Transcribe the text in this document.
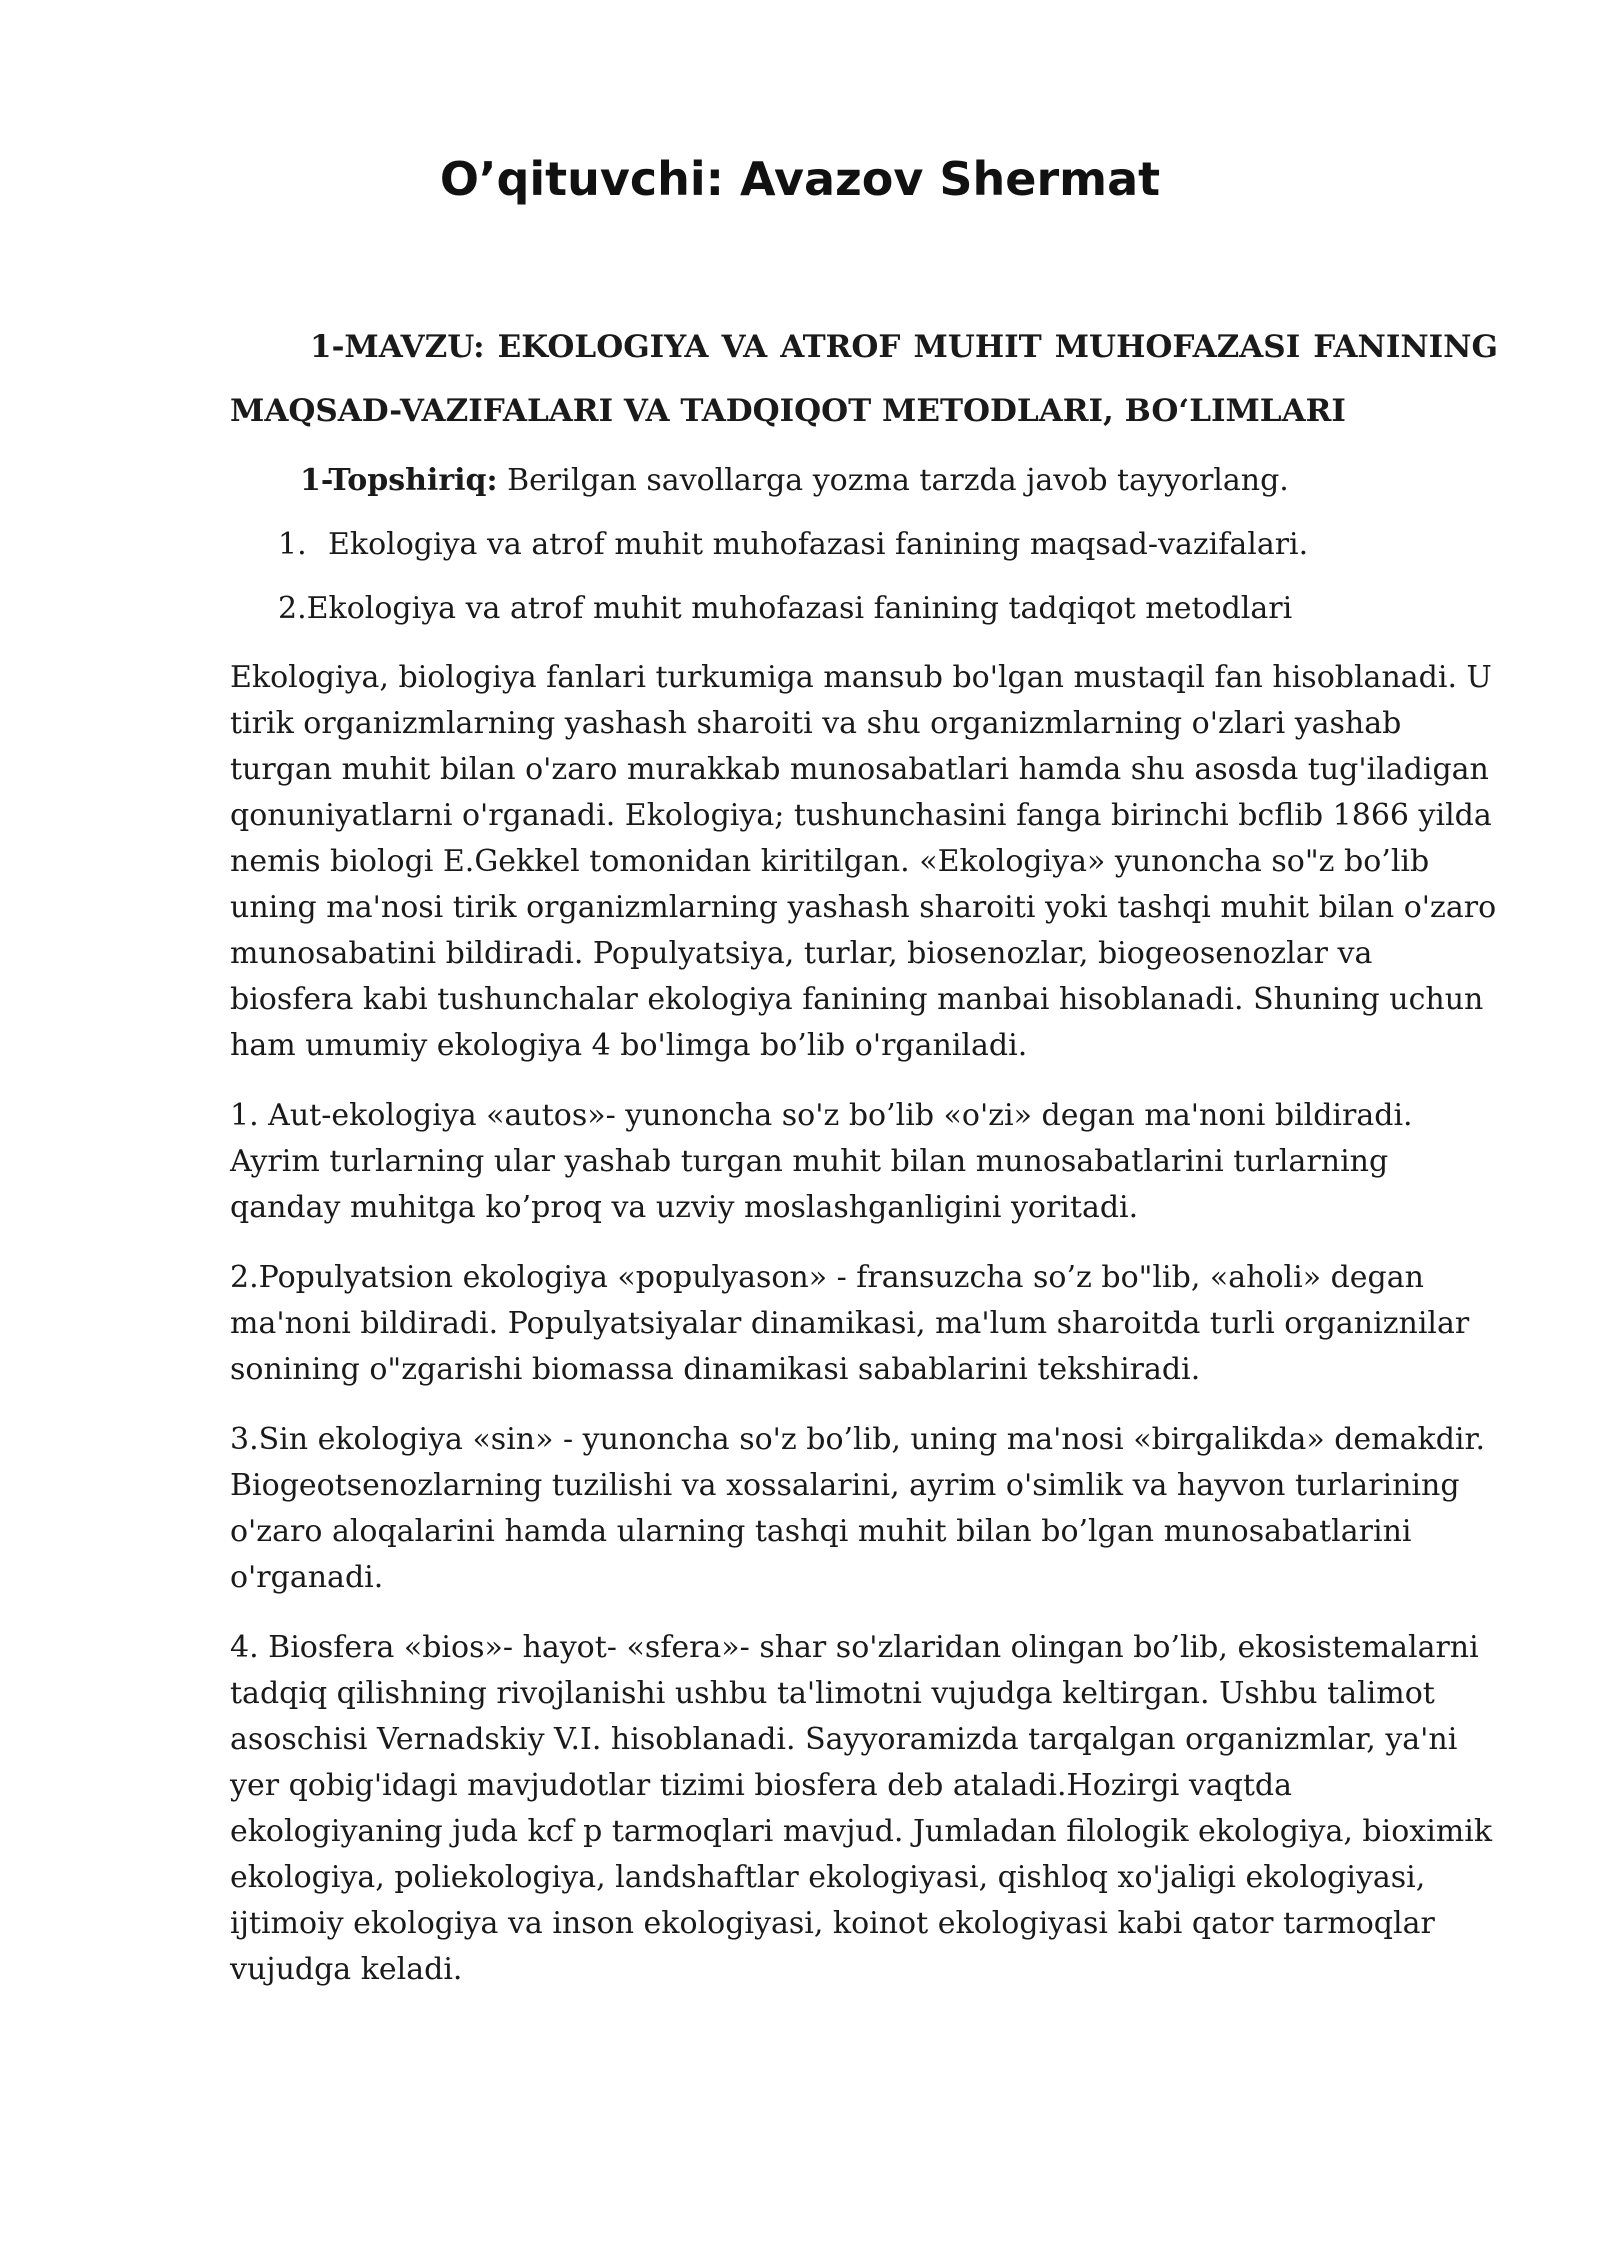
O’qituvchi: Avazov Shermat

1-MAVZU: EKOLOGIYA VA ATROF MUHIT MUHOFAZASI FANINING MAQSAD-VAZIFALARI VA TADQIQOT METODLARI, BO‘LIMLARI

1-Topshiriq: Berilgan savollarga yozma tarzda javob tayyorlang.

1. Ekologiya va atrof muhit muhofazasi fanining maqsad-vazifalari.

2.Ekologiya va atrof muhit muhofazasi fanining tadqiqot metodlari

Ekologiya, biologiya fanlari turkumiga mansub bo'lgan mustaqil fan hisoblanadi. U tirik organizmlarning yashash sharoiti va shu organizmlarning o'zlari yashab turgan muhit bilan o'zaro murakkab munosabatlari hamda shu asosda tug'iladigan qonuniyatlarni o'rganadi. Ekologiya; tushunchasini fanga birinchi bcflib 1866 yilda nemis biologi E.Gekkel tomonidan kiritilgan. «Ekologiya» yunoncha so"z bo’lib uning ma'nosi tirik organizmlarning yashash sharoiti yoki tashqi muhit bilan o'zaro munosabatini bildiradi. Populyatsiya, turlar, biosenozlar, biogeosenozlar va biosfera kabi tushunchalar ekologiya fanining manbai hisoblanadi. Shuning uchun ham umumiy ekologiya 4 bo'limga bo’lib o'rganiladi.

1. Aut-ekologiya «autos»- yunoncha so'z bo’lib «o'zi» degan ma'noni bildiradi. Ayrim turlarning ular yashab turgan muhit bilan munosabatlarini turlarning qanday muhitga ko’proq va uzviy moslashganligini yoritadi.

2.Populyatsion ekologiya «populyason» - fransuzcha so’z bo"lib, «aholi» degan ma'noni bildiradi. Populyatsiyalar dinamikasi, ma'lum sharoitda turli organiznilar sonining o"zgarishi biomassa dinamikasi sabablarini tekshiradi.

3.Sin ekologiya «sin» - yunoncha so'z bo’lib, uning ma'nosi «birgalikda» demakdir. Biogeotsenozlarning tuzilishi va xossalarini, ayrim o'simlik va hayvon turlarining o'zaro aloqalarini hamda ularning tashqi muhit bilan bo’lgan munosabatlarini o'rganadi.

4. Biosfera «bios»- hayot- «sfera»- shar so'zlaridan olingan bo’lib, ekosistemalarni tadqiq qilishning rivojlanishi ushbu ta'limotni vujudga keltirgan. Ushbu talimot asoschisi Vernadskiy V.I. hisoblanadi. Sayyoramizda tarqalgan organizmlar, ya'ni yer qobig'idagi mavjudotlar tizimi biosfera deb ataladi.Hozirgi vaqtda ekologiyaning juda kcf p tarmoqlari mavjud. Jumladan filologik ekologiya, bioximik ekologiya, poliekologiya, landshaftlar ekologiyasi, qishloq xo'jaligi ekologiyasi, ijtimoiy ekologiya va inson ekologiyasi, koinot ekologiyasi kabi qator tarmoqlar vujudga keladi.
